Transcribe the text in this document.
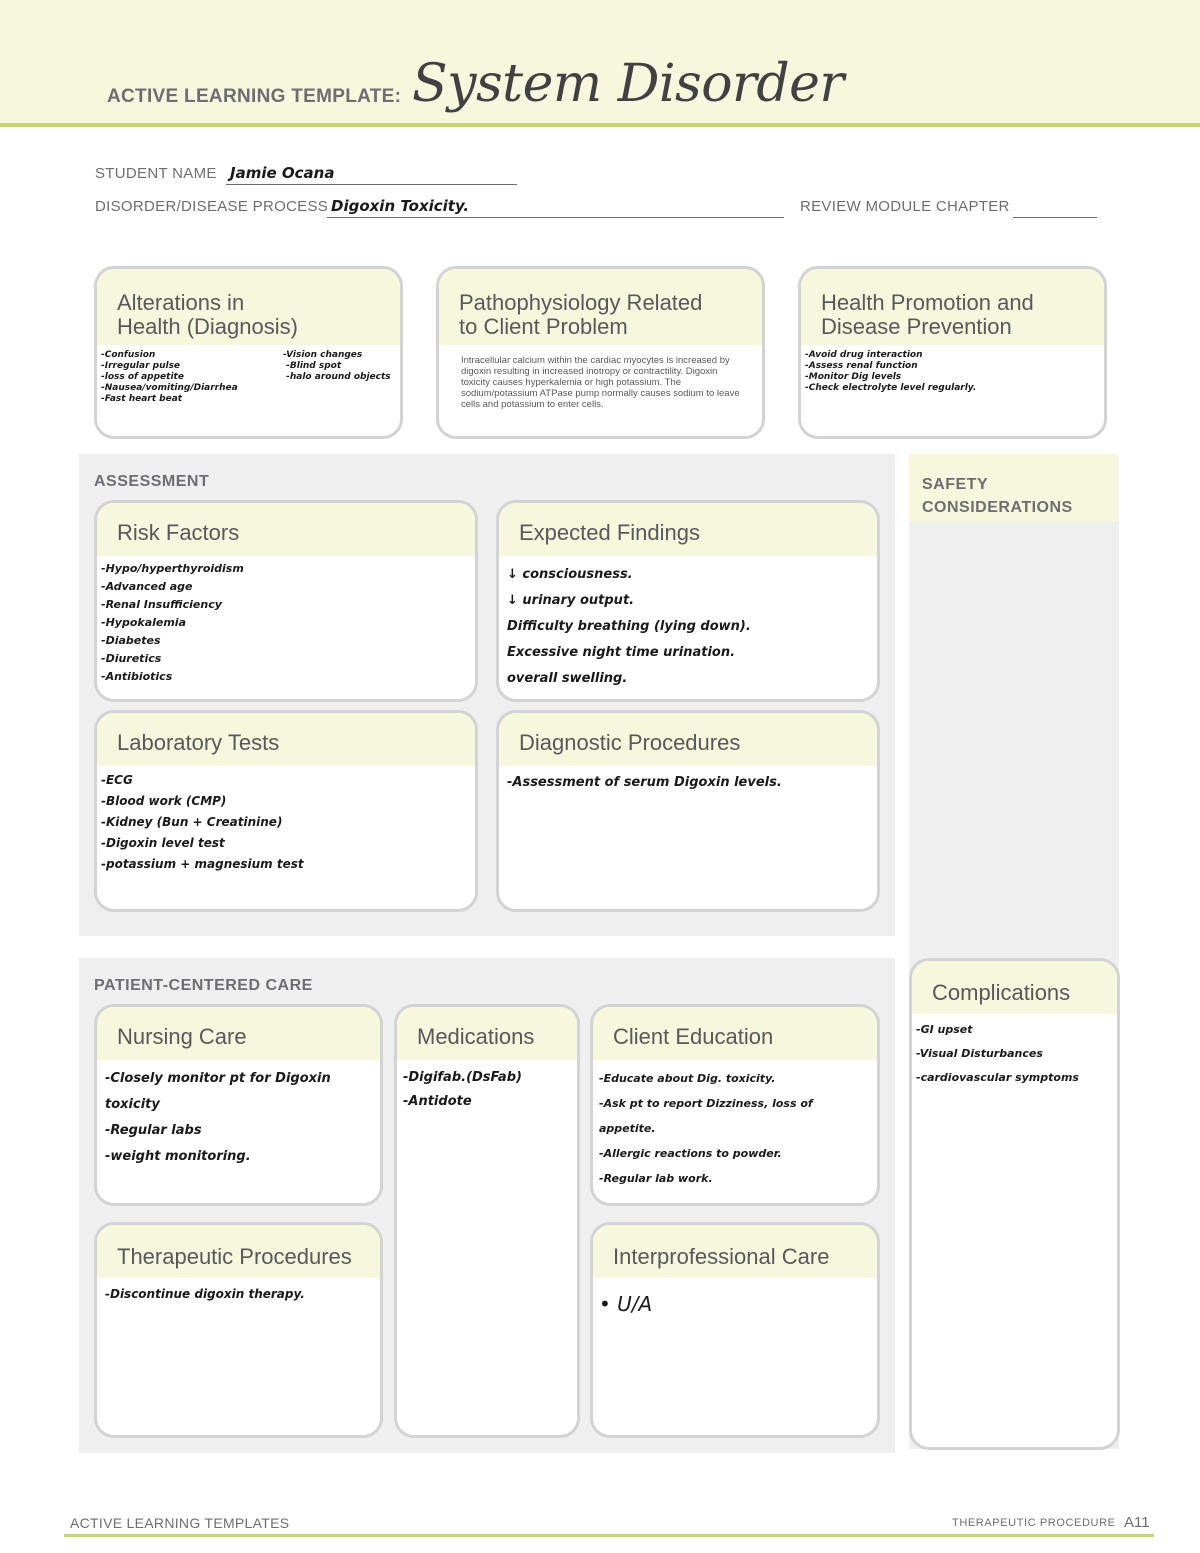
ACTIVE LEARNING TEMPLATE: System Disorder
STUDENT NAME Jamie Ocana
DISORDER/DISEASE PROCESS Digoxin Toxicity.	REVIEW MODULE CHAPTER
Alterations in
Health (Diagnosis)
-Confusion
-Irregular pulse
-loss of appetite
-Nausea/vomiting/Diarrhea
-Fast heart beat
-Vision changes
-Blind spot
-halo around objects
Pathophysiology Related
to Client Problem
Intracellular calcium within the cardiac myocytes is increased by digoxin resulting in increased inotropy or contractility. Digoxin toxicity causes hyperkalemia or high potassium. The sodium/potassium ATPase pump normally causes sodium to leave cells and potassium to enter cells.
Health Promotion and
Disease Prevention
-Avoid drug interaction
-Assess renal function
-Monitor Dig levels
-Check electrolyte level regularly.
ASSESSMENT
Risk Factors
-Hypo/hyperthyroidism
-Advanced age
-Renal Insufficiency
-Hypokalemia
-Diabetes
-Diuretics
-Antibiotics
Expected Findings
↓ consciousness.
↓ urinary output.
Difficulty breathing (lying down).
Excessive night time urination.
overall swelling.
Laboratory Tests
-ECG
-Blood work (CMP)
-Kidney (Bun + Creatinine)
-Digoxin level test
-potassium + magnesium test
Diagnostic Procedures
-Assessment of serum Digoxin levels.
SAFETY
CONSIDERATIONS
Complications
-GI upset
-Visual Disturbances
-cardiovascular symptoms
PATIENT-CENTERED CARE
Nursing Care
-Closely monitor pt for Digoxin toxicity
-Regular labs
-weight monitoring.
Medications
-Digifab.(DsFab)
-Antidote
Client Education
-Educate about Dig. toxicity.
-Ask pt to report Dizziness, loss of appetite.
-Allergic reactions to powder.
-Regular lab work.
Therapeutic Procedures
-Discontinue digoxin therapy.
Interprofessional Care
• U/A
ACTIVE LEARNING TEMPLATES	THERAPEUTIC PROCEDURE A11
